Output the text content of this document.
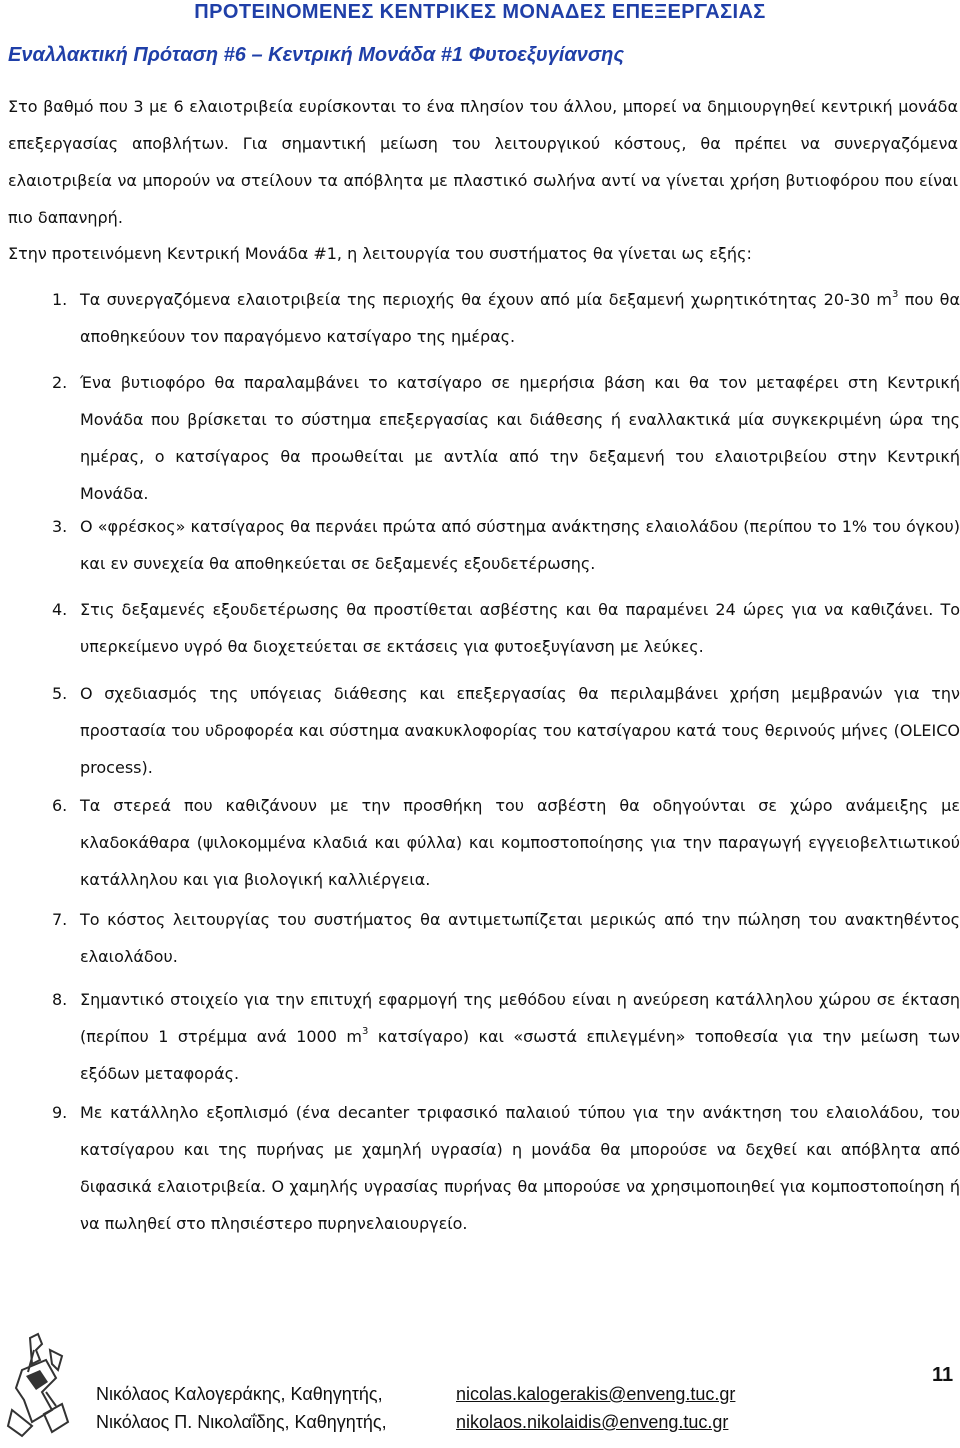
ΠΡΟΤΕΙΝΟΜΕΝΕΣ ΚΕΝΤΡΙΚΕΣ ΜΟΝΑΔΕΣ ΕΠΕΞΕΡΓΑΣΙΑΣ
Εναλλακτική Πρόταση #6 – Κεντρική Μονάδα #1 Φυτοεξυγίανσης
Στο βαθμό που 3 με 6 ελαιοτριβεία ευρίσκονται το ένα πλησίον του άλλου, μπορεί να δημιουργηθεί κεντρική μονάδα επεξεργασίας αποβλήτων. Για σημαντική μείωση του λειτουργικού κόστους, θα πρέπει να συνεργαζόμενα ελαιοτριβεία να μπορούν να στείλουν τα απόβλητα με πλαστικό σωλήνα αντί να γίνεται χρήση βυτιοφόρου που είναι πιο δαπανηρή.
Στην προτεινόμενη Κεντρική Μονάδα #1, η λειτουργία του συστήματος θα γίνεται ως εξής:
1. Τα συνεργαζόμενα ελαιοτριβεία της περιοχής θα έχουν από μία δεξαμενή χωρητικότητας 20-30 $m^3$ που θα αποθηκεύουν τον παραγόμενο κατσίγαρο της ημέρας.
2. Ένα βυτιοφόρο θα παραλαμβάνει το κατσίγαρο σε ημερήσια βάση και θα τον μεταφέρει στη Κεντρική Μονάδα που βρίσκεται το σύστημα επεξεργασίας και διάθεσης ή εναλλακτικά μία συγκεκριμένη ώρα της ημέρας, ο κατσίγαρος θα προωθείται με αντλία από την δεξαμενή του ελαιοτριβείου στην Κεντρική Μονάδα.
3. Ο «φρέσκος» κατσίγαρος θα περνάει πρώτα από σύστημα ανάκτησης ελαιολάδου (περίπου το 1% του όγκου) και εν συνεχεία θα αποθηκεύεται σε δεξαμενές εξουδετέρωσης.
4. Στις δεξαμενές εξουδετέρωσης θα προστίθεται ασβέστης και θα παραμένει 24 ώρες για να καθιζάνει. Το υπερκείμενο υγρό θα διοχετεύεται σε εκτάσεις για φυτοεξυγίανση με λεύκες.
5. Ο σχεδιασμός της υπόγειας διάθεσης και επεξεργασίας θα περιλαμβάνει χρήση μεμβρανών για την προστασία του υδροφορέα και σύστημα ανακυκλοφορίας του κατσίγαρου κατά τους θερινούς μήνες (OLEICO process).
6. Τα στερεά που καθιζάνουν με την προσθήκη του ασβέστη θα οδηγούνται σε χώρο ανάμειξης με κλαδοκάθαρα (ψιλοκομμένα κλαδιά και φύλλα) και κομποστοποίησης για την παραγωγή εγγειοβελτιωτικού κατάλληλου και για βιολογική καλλιέργεια.
7. Το κόστος λειτουργίας του συστήματος θα αντιμετωπίζεται μερικώς από την πώληση του ανακτηθέντος ελαιολάδου.
8. Σημαντικό στοιχείο για την επιτυχή εφαρμογή της μεθόδου είναι η ανεύρεση κατάλληλου χώρου σε έκταση (περίπου 1 στρέμμα ανά 1000 $m^3$ κατσίγαρο) και «σωστά επιλεγμένη» τοποθεσία για την μείωση των εξόδων μεταφοράς.
9. Με κατάλληλο εξοπλισμό (ένα decanter τριφασικό παλαιού τύπου για την ανάκτηση του ελαιολάδου, του κατσίγαρου και της πυρήνας με χαμηλή υγρασία) η μονάδα θα μπορούσε να δεχθεί και απόβλητα από διφασικά ελαιοτριβεία. Ο χαμηλής υγρασίας πυρήνας θα μπορούσε να χρησιμοποιηθεί για κομποστοποίηση ή να πωληθεί στο πλησιέστερο πυρηνελαιουργείο.
Νικόλαος Καλογεράκης, Καθηγητής,	nicolas.kalogerakis@enveng.tuc.gr
Νικόλαος Π. Νικολαΐδης, Καθηγητής,	nikolaos.nikolaidis@enveng.tuc.gr
11
